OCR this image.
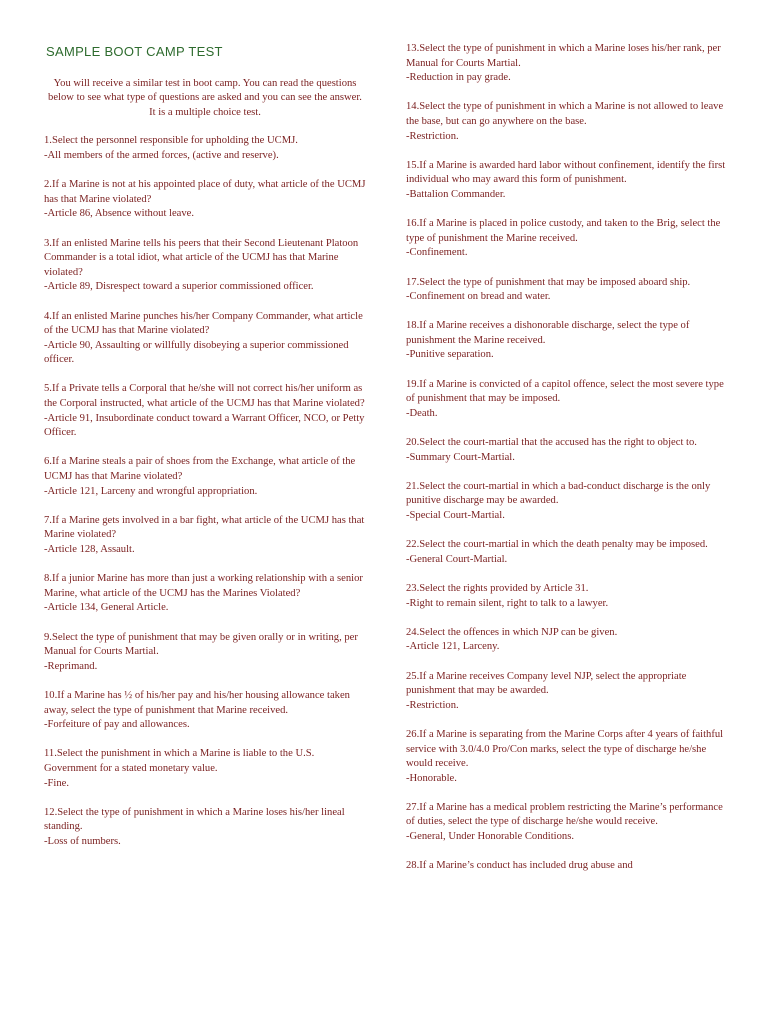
SAMPLE BOOT CAMP TEST
You will receive a similar test in boot camp. You can read the questions below to see what type of questions are asked and you can see the answer. It is a multiple choice test.
1.Select the personnel responsible for upholding the UCMJ.
-All members of the armed forces, (active and reserve).
2.If a Marine is not at his appointed place of duty, what article of the UCMJ has that Marine violated?
-Article 86, Absence without leave.
3.If an enlisted Marine tells his peers that their Second Lieutenant Platoon Commander is a total idiot, what article of the UCMJ has that Marine violated?
-Article 89, Disrespect toward a superior commissioned officer.
4.If an enlisted Marine punches his/her Company Commander, what article of the UCMJ has that Marine violated?
-Article 90, Assaulting or willfully disobeying a superior commissioned officer.
5.If a Private tells a Corporal that he/she will not correct his/her uniform as the Corporal instructed, what article of the UCMJ has that Marine violated?
-Article 91, Insubordinate conduct toward a Warrant Officer, NCO, or Petty Officer.
6.If a Marine steals a pair of shoes from the Exchange, what article of the UCMJ has that Marine violated?
-Article 121, Larceny and wrongful appropriation.
7.If a Marine gets involved in a bar fight, what article of the UCMJ has that Marine violated?
-Article 128, Assault.
8.If a junior Marine has more than just a working relationship with a senior Marine, what article of the UCMJ has the Marines Violated?
-Article 134, General Article.
9.Select the type of punishment that may be given orally or in writing, per Manual for Courts Martial.
-Reprimand.
10.If a Marine has ½ of his/her pay and his/her housing allowance taken away, select the type of punishment that Marine received.
-Forfeiture of pay and allowances.
11.Select the punishment in which a Marine is liable to the U.S. Government for a stated monetary value.
-Fine.
12.Select the type of punishment in which a Marine loses his/her lineal standing.
-Loss of numbers.
13.Select the type of punishment in which a Marine loses his/her rank, per Manual for Courts Martial.
-Reduction in pay grade.
14.Select the type of punishment in which a Marine is not allowed to leave the base, but can go anywhere on the base.
-Restriction.
15.If a Marine is awarded hard labor without confinement, identify the first individual who may award this form of punishment.
-Battalion Commander.
16.If a Marine is placed in police custody, and taken to the Brig, select the type of punishment the Marine received.
-Confinement.
17.Select the type of punishment that may be imposed aboard ship.
-Confinement on bread and water.
18.If a Marine receives a dishonorable discharge, select the type of punishment the Marine received.
-Punitive separation.
19.If a Marine is convicted of a capitol offence, select the most severe type of punishment that may be imposed.
-Death.
20.Select the court-martial that the accused has the right to object to.
-Summary Court-Martial.
21.Select the court-martial in which a bad-conduct discharge is the only punitive discharge may be awarded.
-Special Court-Martial.
22.Select the court-martial in which the death penalty may be imposed.
-General Court-Martial.
23.Select the rights provided by Article 31.
-Right to remain silent, right to talk to a lawyer.
24.Select the offences in which NJP can be given.
-Article 121, Larceny.
25.If a Marine receives Company level NJP, select the appropriate punishment that may be awarded.
-Restriction.
26.If a Marine is separating from the Marine Corps after 4 years of faithful service with 3.0/4.0 Pro/Con marks, select the type of discharge he/she would receive.
-Honorable.
27.If a Marine has a medical problem restricting the Marine’s performance of duties, select the type of discharge he/she would receive.
-General, Under Honorable Conditions.
28.If a Marine’s conduct has included drug abuse and
